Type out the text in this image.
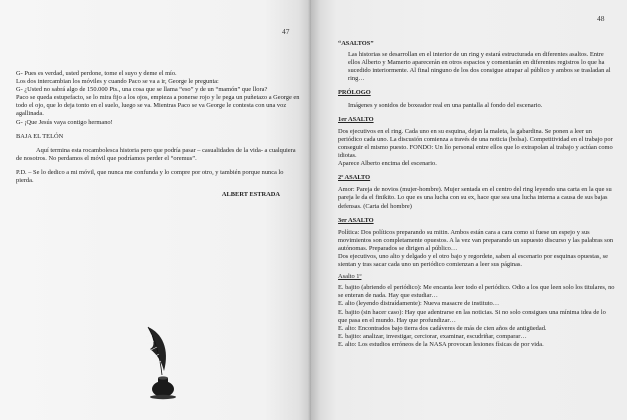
47

G- Pues es verdad, usted perdone, tome el suyo y deme el mío.

Los dos intercambian los móviles y cuando Paco se va a ir, George le pregunta:

G- ¿Usted no sabrá algo de 150.000 Pts., una cosa que se llama “eso” y de un “mamón” que llora?

Paco se queda estupefacto, se lo mira fijo a los ojos, empieza a ponerse rojo y le pega un puñetazo a George en todo el ojo, que lo deja tonto en el suelo, luego se va. Mientras Paco se va George le contesta con una voz agallinada.

G- ¡Que Jesús vaya contigo hermano!

BAJA EL TELÓN

Aquí termina esta rocambolesca historia pero que podría pasar – casualidades de la vida- a cualquiera de nosotros. No perdamos el móvil que podríamos perder el “oremus”.

P.D. – Se lo dedico a mi móvil, que nunca me confunda y lo compre por otro, y también porque nunca lo pierda.

ALBERT ESTRADA

48

“ASALTOS”

Las historias se desarrollan en el interior de un ring y estará estructurada en diferentes asaltos. Entre ellos Alberto y Mamerto aparecerán en otros espacios y comentarán en diferentes registros lo que ha sucedido interiormente. Al final ninguno de los dos consigue atrapar al público y ambos se trasladan al ring…

PRÓLOGO

Imágenes y sonidos de boxeador real en una pantalla al fondo del escenario.

1er ASALTO

Dos ejecutivos en el ring. Cada uno en su esquina, dejan la maleta, la gabardina. Se ponen a leer un periódico cada uno. La discusión comienza a través de una noticia (bolsa). Competitividad en el trabajo por conseguir el mismo puesto. FONDO: Un lío personal entre ellos que lo extrapolan al trabajo y actúan como idiotas.

Aparece Alberto encima del escenario.

2º ASALTO

Amor: Pareja de novios (mujer-hombre). Mujer sentada en el centro del ring leyendo una carta en la que su pareja le da el finikito. Lo que es una lucha con su ex, hace que sea una lucha interna a causa de sus bajas defensas. (Carta del hombre)

3er ASALTO

Política: Dos políticos preparando su mitin. Ambos están cara a cara como si fuese un espejo y sus movimientos son completamente opuestos. A la vez van preparando un supuesto discurso y las palabras son autónomas. Preparados se dirigen al público…

Dos ejecutivos, uno alto y delgado y el otro bajo y regordete, saben al escenario por esquinas opuestas, se sientan y tras sacar cada uno un periódico comienzan a leer sus páginas.

Asalto 1º

E. bajito (abriendo el periódico): Me encanta leer todo el periódico. Odio a los que leen solo los titulares, no se enteran de nada. Hay que estudiar…

E. alto (leyendo distraídamente): Nueva masacre de instituto…

E. bajito (sin hacer caso): Hay que adentrarse en las noticias. Si no solo consigues una mínima idea de lo que pasa en el mundo. Hay que profundizar…

E. alto: Encontrados bajo tierra dos cadáveres de más de cien años de antigüedad.

E. bajito: analizar, investigar, cerciorar, examinar, escudriñar, comparar…

E. alto: Los estudios erróneos de la NASA provocan lesiones físicas de por vida.
